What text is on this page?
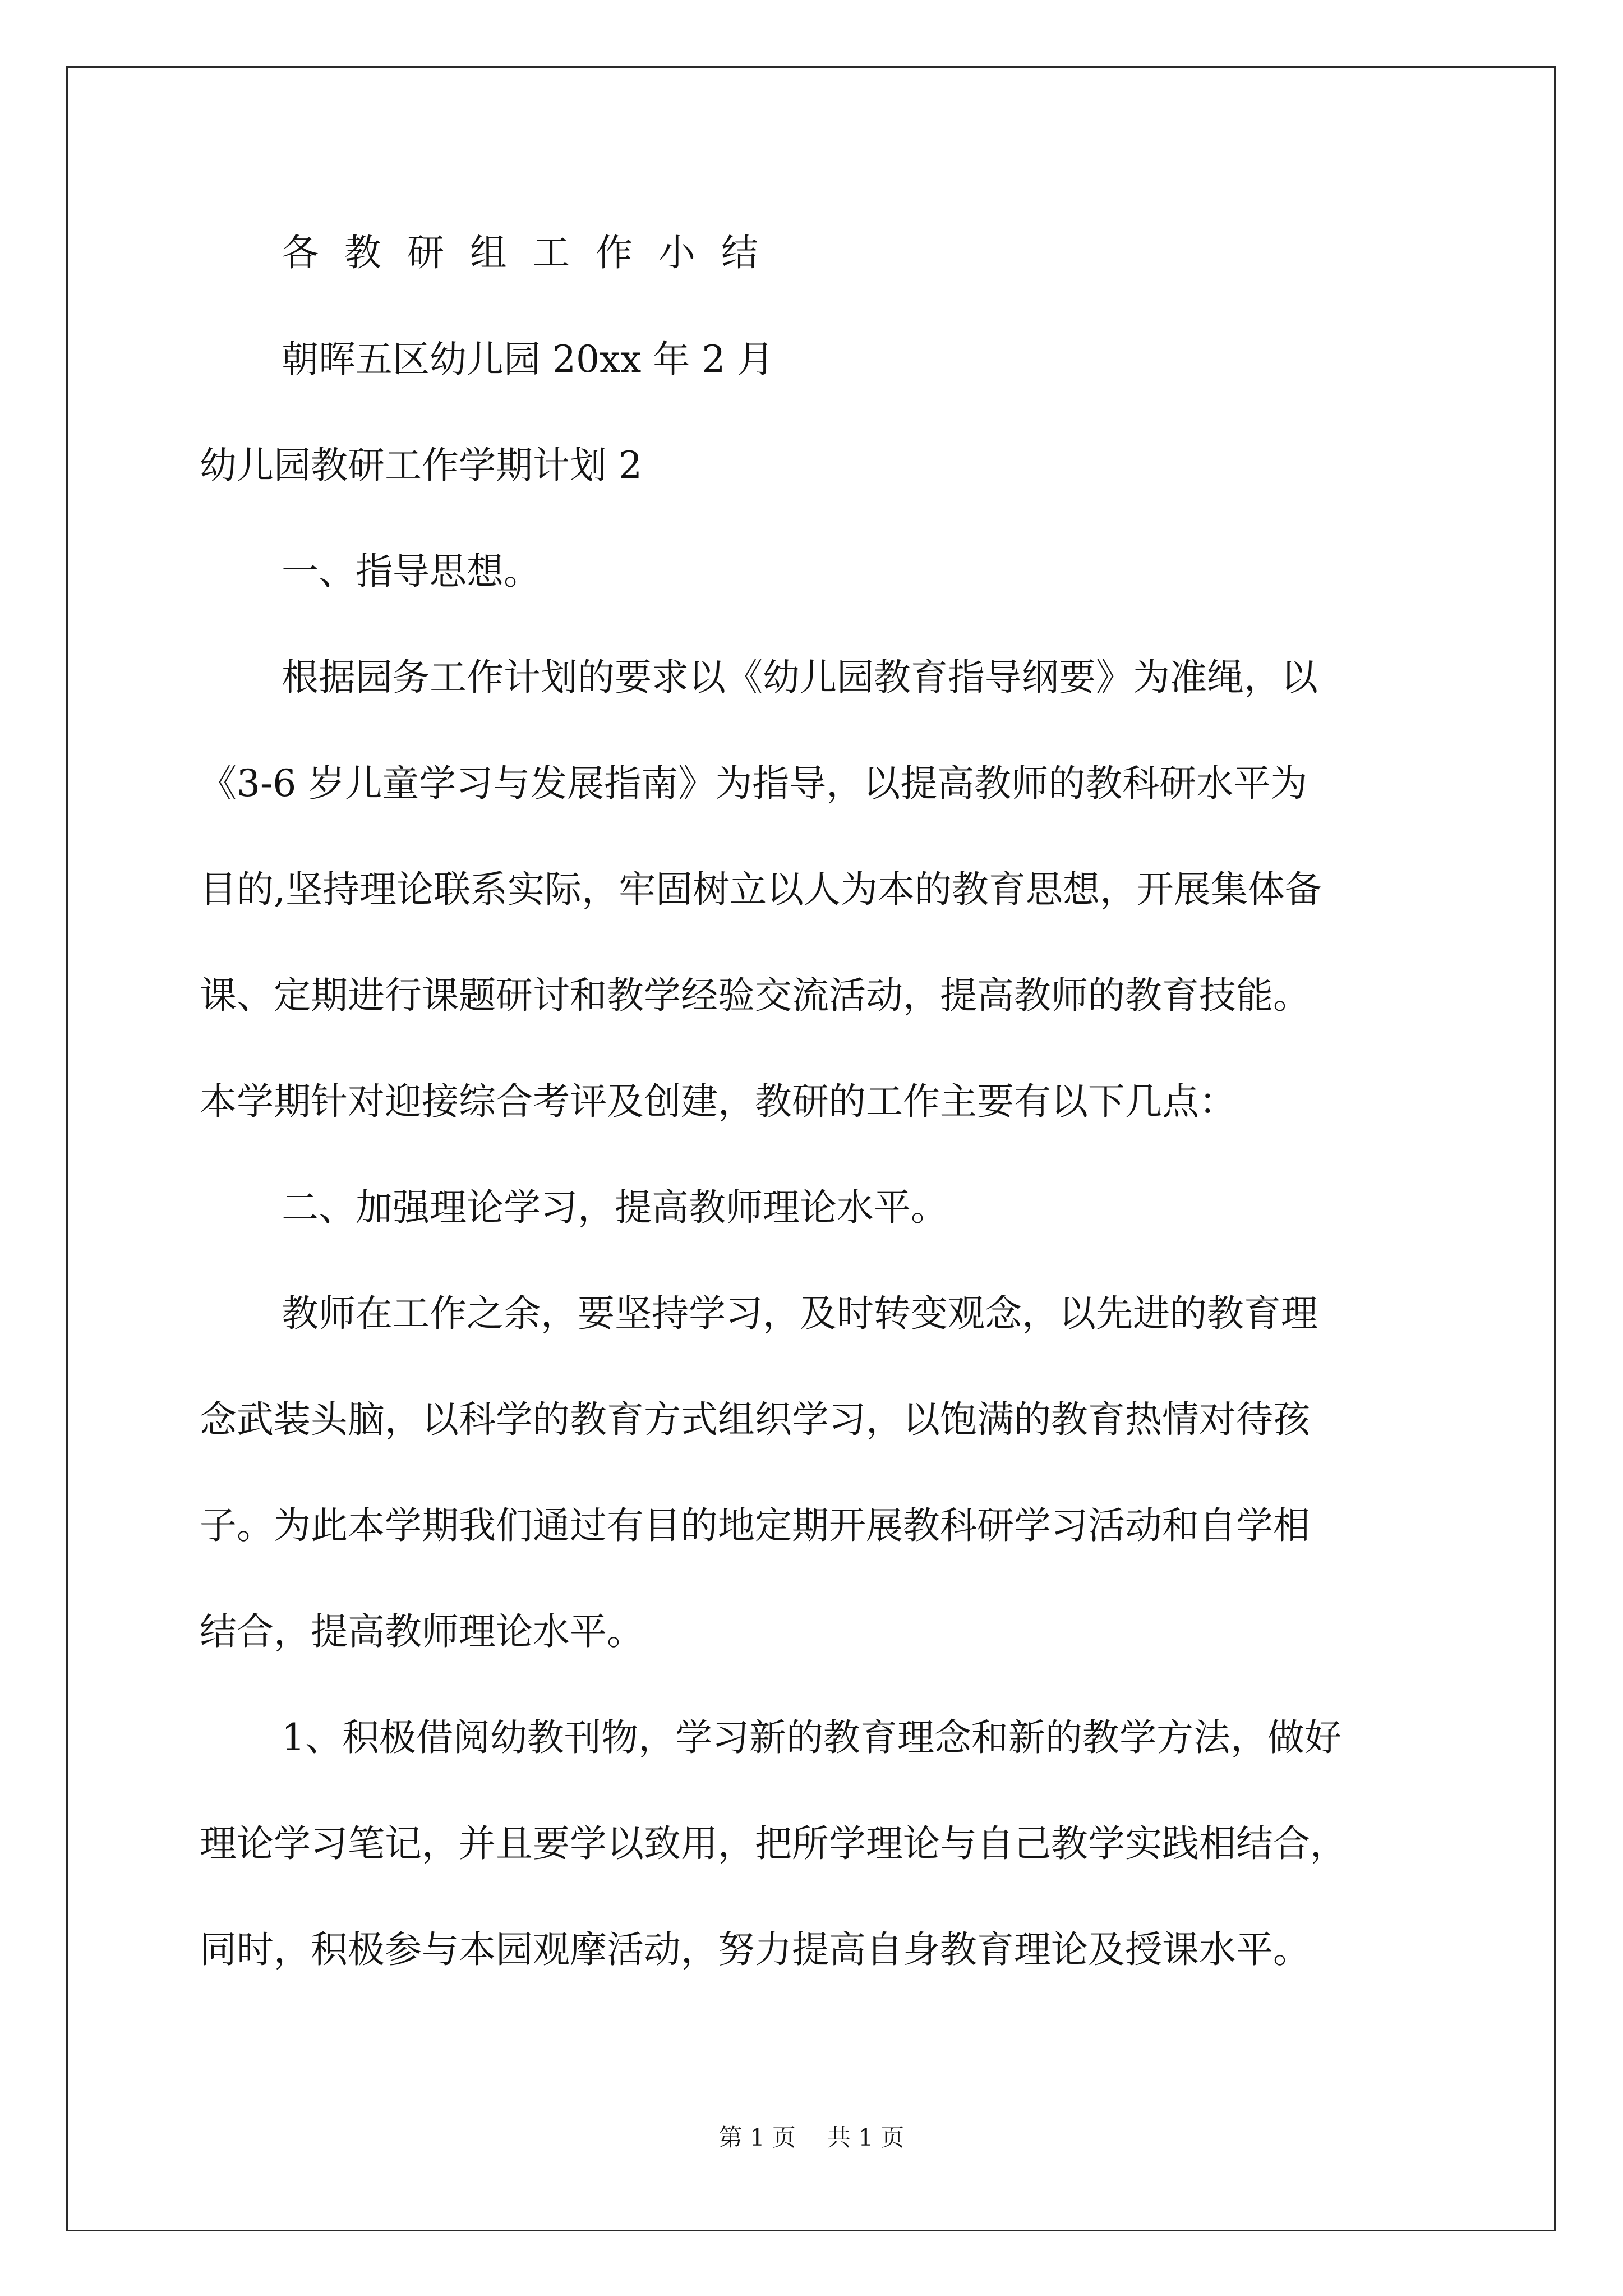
各教研组工作小结

朝晖五区幼儿园 20xx 年 2 月

幼儿园教研工作学期计划 2

一、指导思想。

根据园务工作计划的要求以《幼儿园教育指导纲要》为准绳，以

《3-6 岁儿童学习与发展指南》为指导，以提高教师的教科研水平为

目的,坚持理论联系实际，牢固树立以人为本的教育思想，开展集体备

课、定期进行课题研讨和教学经验交流活动，提高教师的教育技能。

本学期针对迎接综合考评及创建，教研的工作主要有以下几点：

二、加强理论学习，提高教师理论水平。

教师在工作之余，要坚持学习，及时转变观念，以先进的教育理

念武装头脑，以科学的教育方式组织学习，以饱满的教育热情对待孩

子。为此本学期我们通过有目的地定期开展教科研学习活动和自学相

结合，提高教师理论水平。

1、积极借阅幼教刊物，学习新的教育理念和新的教学方法，做好

理论学习笔记，并且要学以致用，把所学理论与自己教学实践相结合，

同时，积极参与本园观摩活动，努力提高自身教育理论及授课水平。

第 1 页 共 1 页
